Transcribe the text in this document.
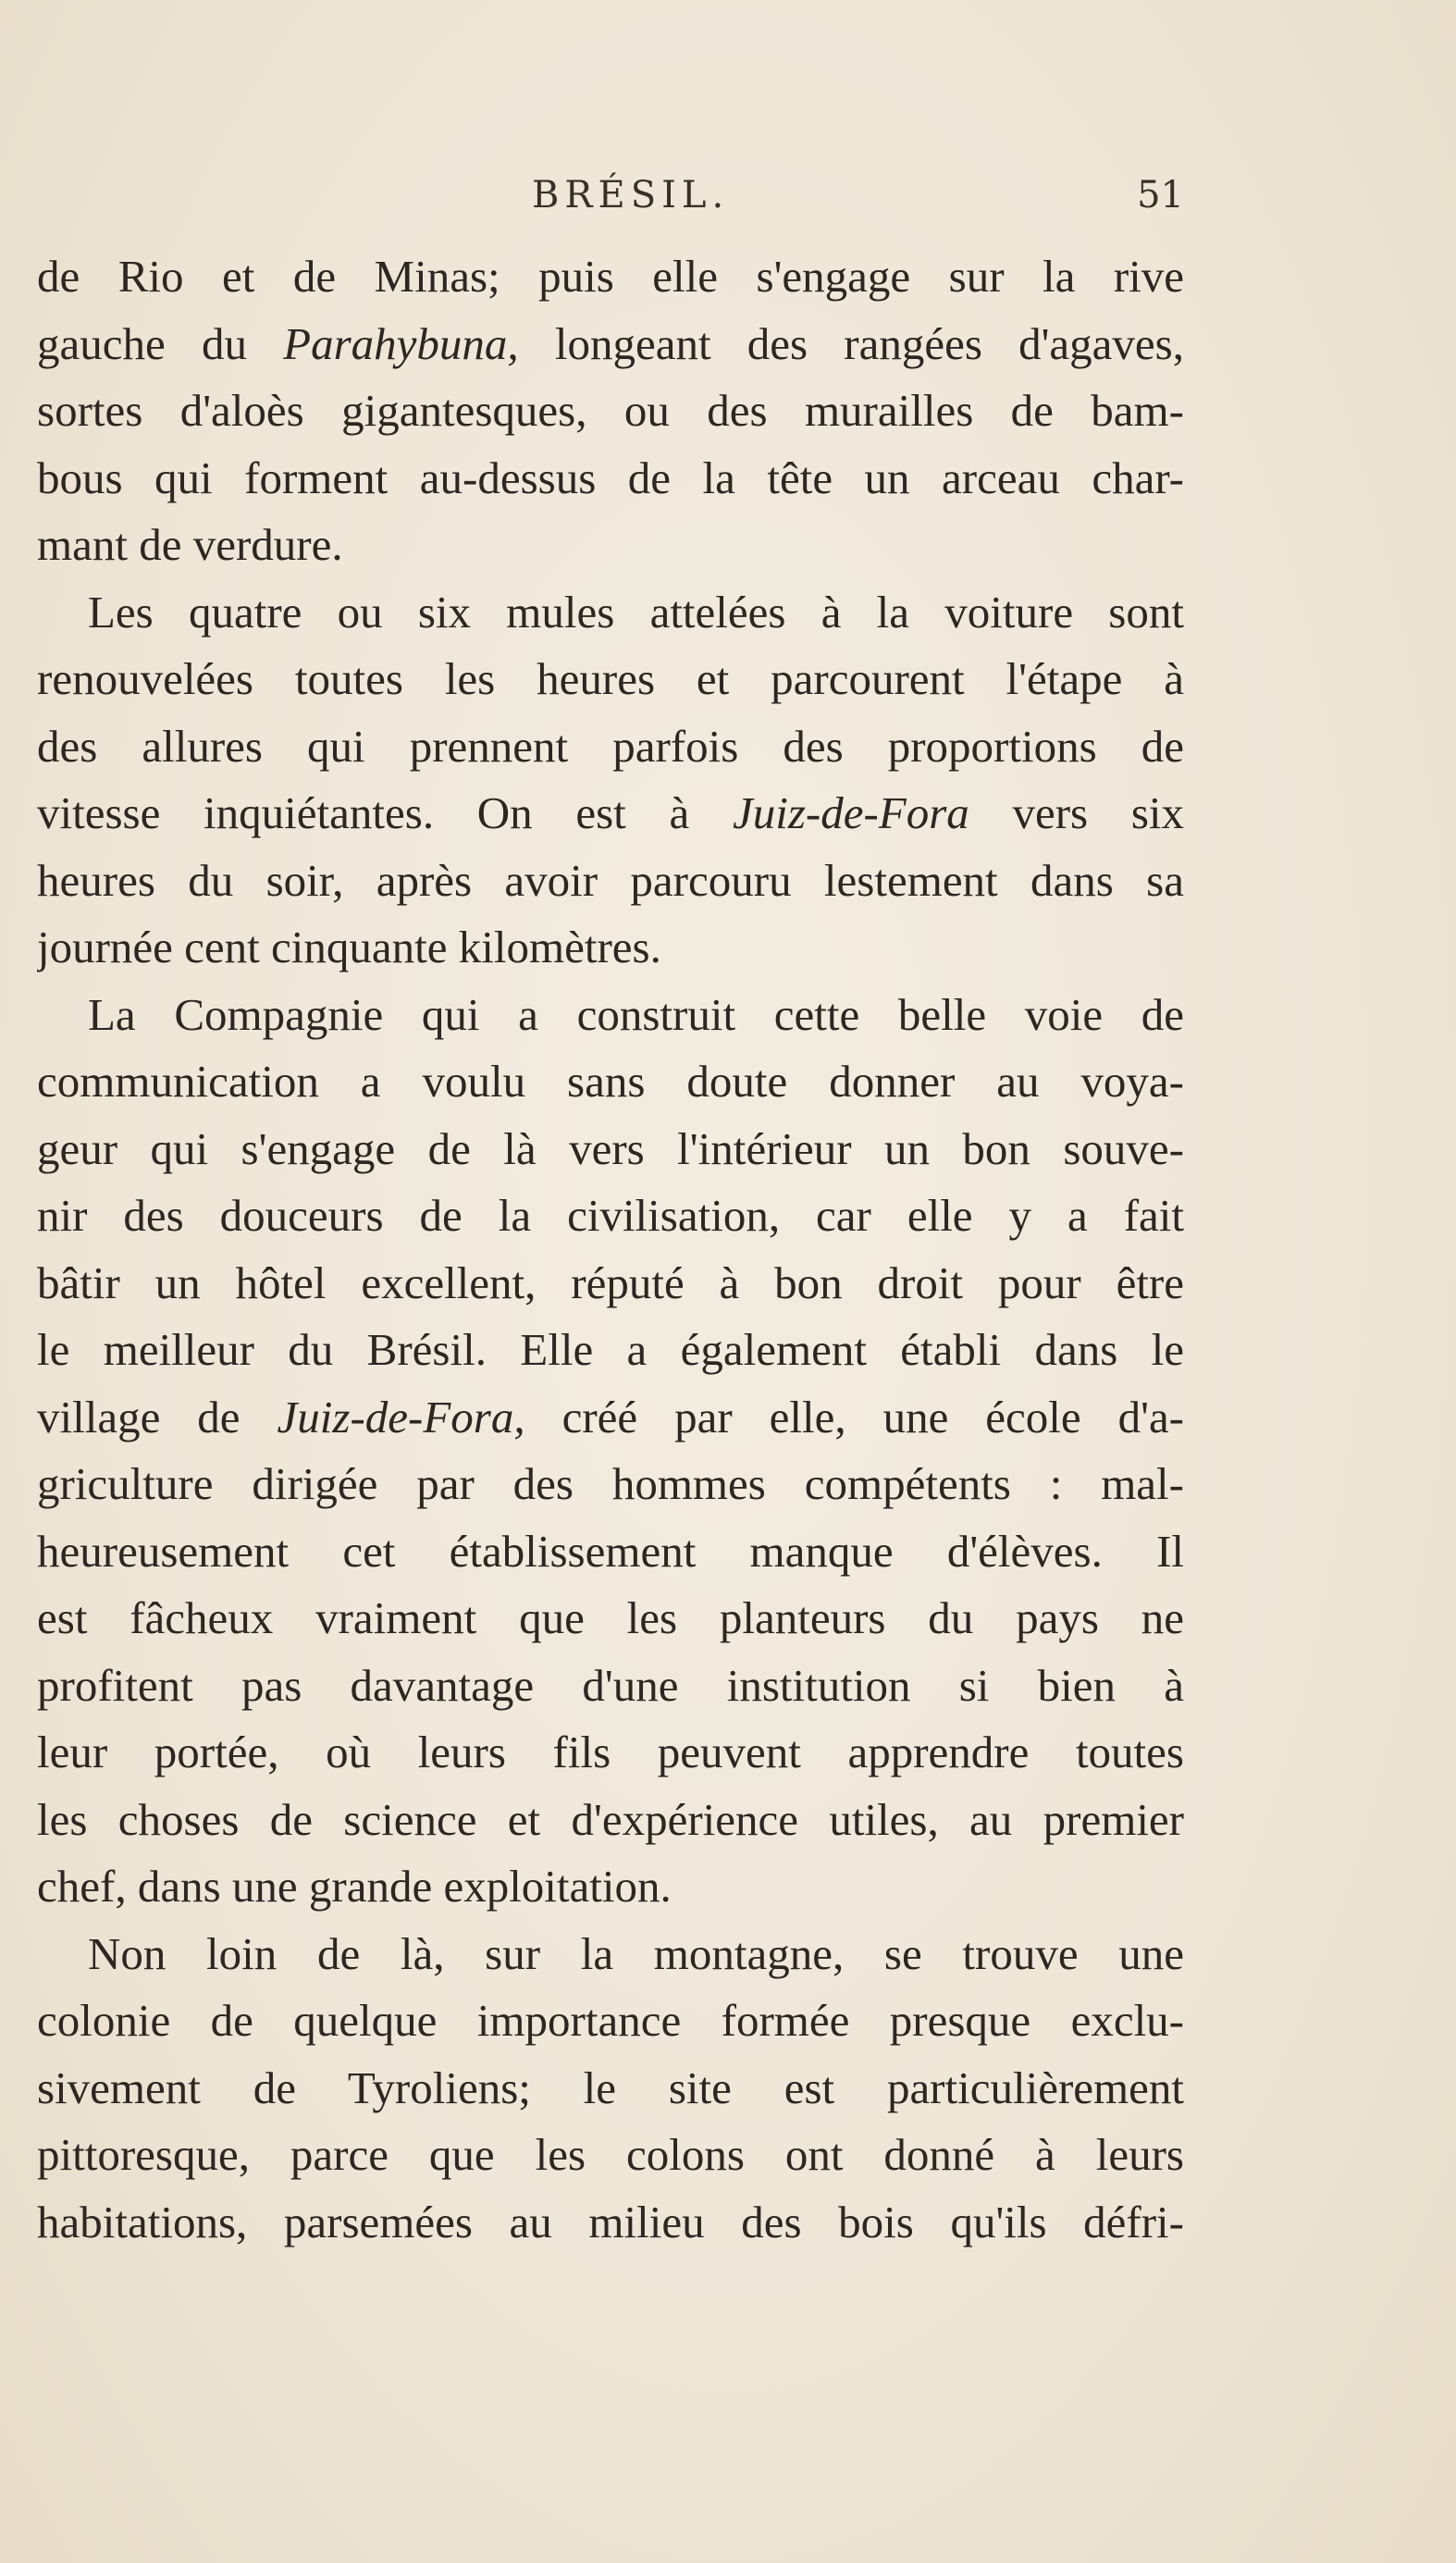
BRÉSIL.	51
de Rio et de Minas; puis elle s'engage sur la rive
gauche du Parahybuna, longeant des rangées d'agaves,
sortes d'aloès gigantesques, ou des murailles de bam-
bous qui forment au-dessus de la tête un arceau char-
mant de verdure.
Les quatre ou six mules attelées à la voiture sont
renouvelées toutes les heures et parcourent l'étape à
des allures qui prennent parfois des proportions de
vitesse inquiétantes. On est à Juiz-de-Fora vers six
heures du soir, après avoir parcouru lestement dans sa
journée cent cinquante kilomètres.
La Compagnie qui a construit cette belle voie de
communication a voulu sans doute donner au voya-
geur qui s'engage de là vers l'intérieur un bon souve-
nir des douceurs de la civilisation, car elle y a fait
bâtir un hôtel excellent, réputé à bon droit pour être
le meilleur du Brésil. Elle a également établi dans le
village de Juiz-de-Fora, créé par elle, une école d'a-
griculture dirigée par des hommes compétents : mal-
heureusement cet établissement manque d'élèves. Il
est fâcheux vraiment que les planteurs du pays ne
profitent pas davantage d'une institution si bien à
leur portée, où leurs fils peuvent apprendre toutes
les choses de science et d'expérience utiles, au premier
chef, dans une grande exploitation.
Non loin de là, sur la montagne, se trouve une
colonie de quelque importance formée presque exclu-
sivement de Tyroliens; le site est particulièrement
pittoresque, parce que les colons ont donné à leurs
habitations, parsemées au milieu des bois qu'ils défri-
